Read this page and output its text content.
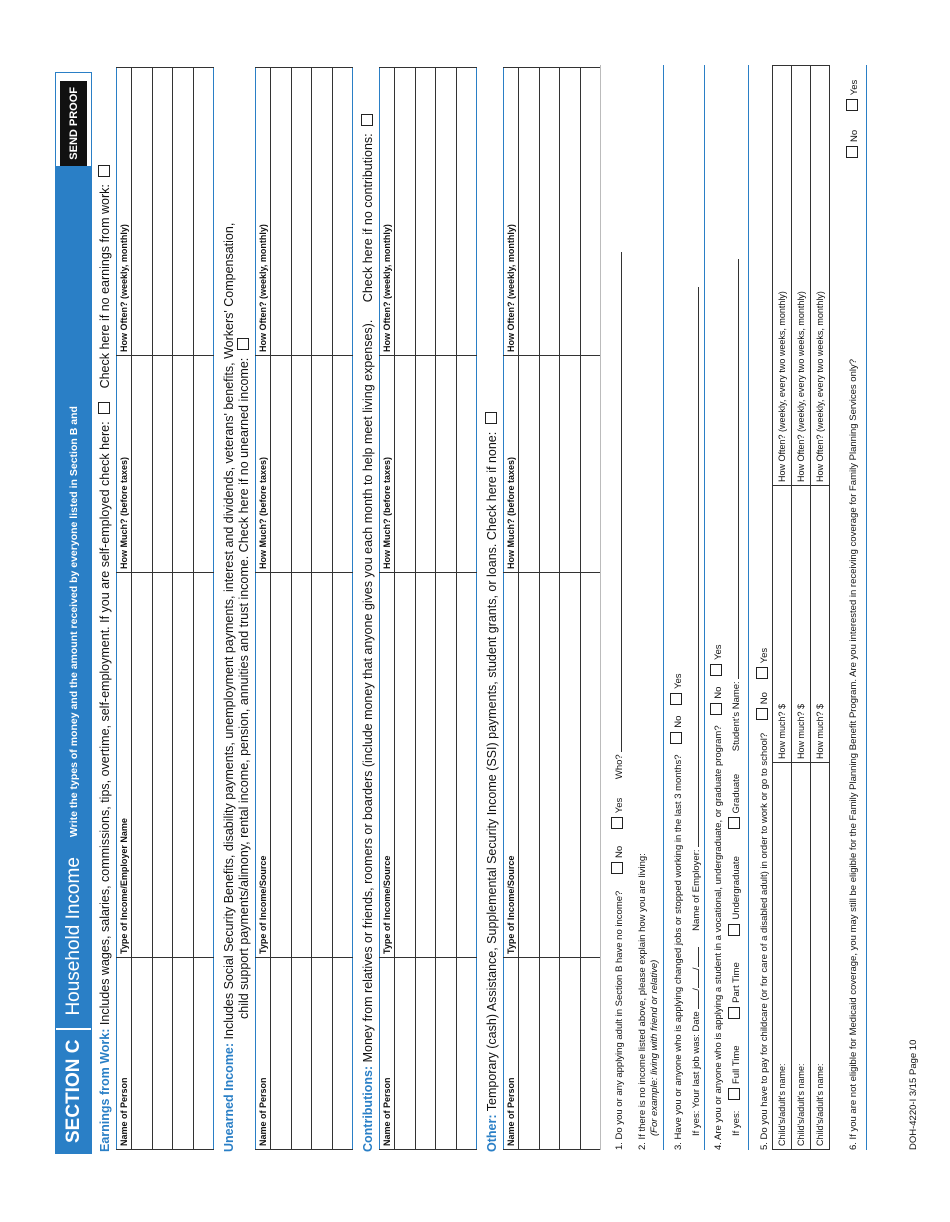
SECTION C
Household Income
Write the types of money and the amount received by everyone listed in Section B and
SEND PROOF
Earnings from Work: Includes wages, salaries, commissions, tips, overtime, self-employment. If you are self-employed check here:  Check here if no earnings from work:
Name of Person	Type of Income/Employer Name	How Much? (before taxes)	How Often? (weekly, monthly)

Unearned Income: Includes Social Security Benefits, disability payments, unemployment payments, interest and dividends, veterans' benefits, Workers' Compensation, child support payments/alimony, rental income, pension, annuities and trust income. Check here if no unearned income:
Name of Person	Type of Income/Source	How Much? (before taxes)	How Often? (weekly, monthly)

Contributions: Money from relatives or friends, roomers or boarders (include money that anyone gives you each month to help meet living expenses). Check here if no contributions:
Name of Person	Type of Income/Source	How Much? (before taxes)	How Often? (weekly, monthly)

Other: Temporary (cash) Assistance, Supplemental Security Income (SSI) payments, student grants, or loans. Check here if none:
Name of Person	Type of Income/Source	How Much? (before taxes)	How Often? (weekly, monthly)

1. Do you or any applying adult in Section B have no income? No Yes Who?
2. If there is no income listed above, please explain how you are living: (For example: living with friend or relative)	3. Have you or anyone who is applying changed jobs or stopped working in the last 3 months? No Yes
If yes: Your last job was: Date // Name of Employer:	4. Are you or anyone who is applying a student in a vocational, undergraduate, or graduate program? No Yes
If yes: Full Time Part Time Undergraduate Graduate Student's Name:
5. Do you have to pay for childcare (or for care of a disabled adult) in order to work or go to school? No Yes
Child's/adult's name:	How much? $	How Often? (weekly, every two weeks, monthly)
Child's/adult's name:	How much? $	How Often? (weekly, every two weeks, monthly)
Child's/adult's name:	How much? $	How Often? (weekly, every two weeks, monthly) 6. If you are not eligible for Medicaid coverage, you may still be eligible for the Family Planning Benefit Program. Are you interested in receiving coverage for Family Planning Services only?
No Yes
DOH-4220-I 3/15 Page 10
